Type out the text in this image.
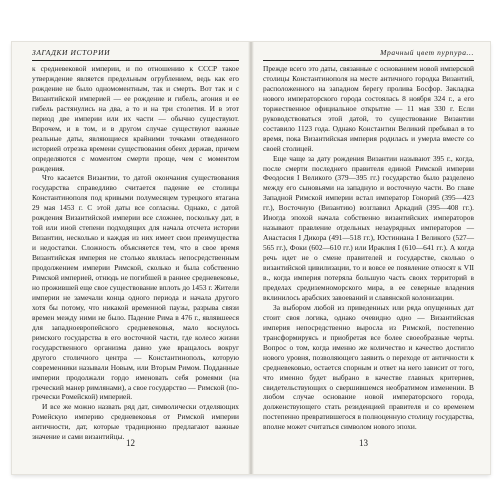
ЗАГАДКИ ИСТОРИИ

к средневековой империи, и по отношению к СССР такое утверждение является предельным огрублением, ведь как его рождение не было одномоментным, так и смерть. Вот так и с Византийской империей — ее рождение и гибель, агония и ее гибель растянулись на два, а то и на три столетия. И в этот период две империи или их части — обычно существуют. Впрочем, и в том, и в другом случае существуют важные реальные даты, являющиеся крайними точками отведенного историей отрезка времени существования обеих держав, причем определяются с моментом смерти проще, чем с моментом рождения.

Что касается Византии, то датой окончания существования государства справедливо считается падение ее столицы Константинополя под кривыми полумесяцем турецкого ятагана 29 мая 1453 г. С этой даты все согласны. Однако, с датой рождения Византийской империи все сложнее, поскольку дат, в той или иной степени подходящих для начала отсчета истории Византии, несколько и каждая из них имеет свои преимущества и недостатки. Сложность объясняется тем, что в свое время Византийская империя не столько являлась непосредственным продолжением империи Римской, сколько и была собственно Римской империей, отнюдь не погибшей в раннее средневековье, но прожившей еще свое существование вплоть до 1453 г. Жители империи не замечали конца одного периода и начала другого хотя бы потому, что никакой временной паузы, разрыва связи времен между ними не было. Падение Рима в 476 г., являвшееся для западноевропейского средневековья, мало коснулось римского государства в его восточной части, где колесо жизни государственного организма давно уже вращалось вокруг другого столичного центра — Константинополь, которую современники называли Новым, или Вторым Римом. Подданные империи продолжали гордо именовать себя ромеями (на греческий манер римлянами), а свое государство — Римской (по-гречески Ромейской) империей.

И все же можно назвать ряд дат, символически отделяющих Ромейскую империю средневековья от Римской империи античности, дат, которые традиционно предлагают важные значение и сами византийцы.

12
Мрачный цвет пурпура...

Прежде всего это даты, связанные с основанием новой имперской столицы Константинополя на месте античного городка Византий, расположенного на западном берегу пролива Босфор. Закладка нового императорского города состоялась 8 ноября 324 г., а его торжественное официальное открытие — 11 мая 330 г. Если руководствоваться этой датой, то существование Византии составило 1123 года. Однако Константин Великий пребывал в то время, пока Византийская империя родилась и умерла вместе со своей столицей.

Еще чаще за дату рождения Византии называют 395 г., когда, после смерти последнего правителя единой Римской империи Феодосия I Великого (379—395 гг.) государство было разделено между его сыновьями на западную и восточную части. Во главе Западной Римской империи встал император Гонорий (395—423 гг.), Восточную (Византию) возглавил Аркадий (395—408 гг.). Иногда эпохой начала собственно византийских императоров называют правление отдельных незаурядных императоров — Анастасия I Дикора (491—518 гг.), Юстиниана I Великого (527—565 гг.), Фоки (602—610 гг.) или Ираклия I (610—641 гг.). А когда речь идет не о смене правителей и государстве, сколько о византийской цивилизации, то и вовсе ее появление относят к VII в., когда империя потеряла большую часть своих территорий в пределах средиземноморского мира, в ее северные владения вклинилось арабских завоеваний и славянской колонизации.

За выбором любой из приведенных или ряда опущенных дат стоит своя логика, однако очевидно одно — Византийская империя непосредственно выросла из Римской, постепенно трансформируясь и приобретая все более своеобразные черты. Вопрос о том, когда именно же количество и качество достигло нового уровня, позволяющего заявить о переходе от античности к средневековью, остается спорным и ответ на него зависит от того, что именно будет выбрано в качестве главных критериев, свидетельствующих о свершившемся необратимом изменении. В любом случае основание новой императорского города, долженствующего стать резиденцией правителя и со временем постепенно превратившегося в полноценную столицу государства, вполне может считаться символом нового эпохи.

13
